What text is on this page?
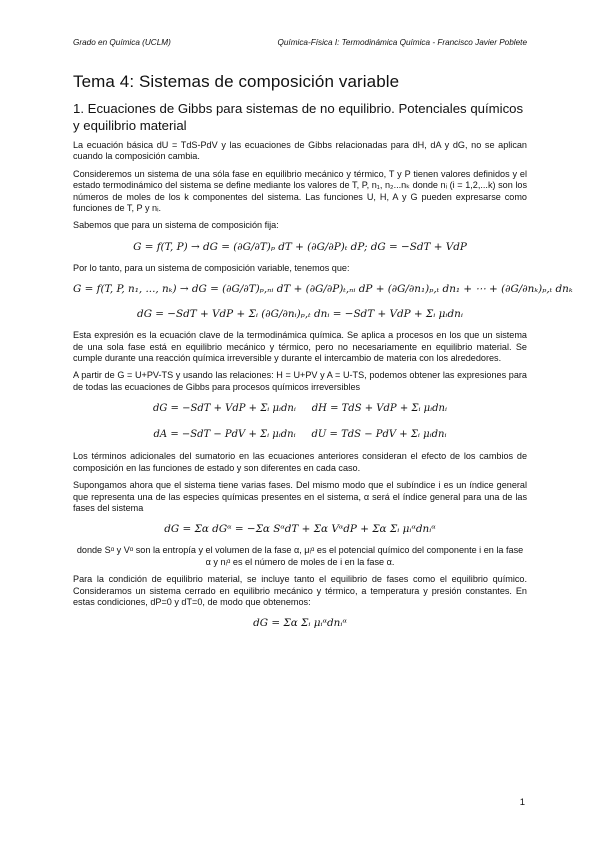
Grado en Química (UCLM)	Química-Física I: Termodinámica Química - Francisco Javier Poblete
Tema 4: Sistemas de composición variable
1. Ecuaciones de Gibbs para sistemas de no equilibrio. Potenciales químicos y equilibrio material

La ecuación básica dU = TdS-PdV y las ecuaciones de Gibbs relacionadas para dH, dA y dG, no se aplican cuando la composición cambia.

Consideremos un sistema de una sóla fase en equilibrio mecánico y térmico, T y P tienen valores definidos y el estado termodinámico del sistema se define mediante los valores de T, P, n₁, n₂...nₖ donde nᵢ (i = 1,2,...k) son los números de moles de los k componentes del sistema. Las funciones U, H, A y G pueden expresarse como funciones de T, P y nᵢ.

Sabemos que para un sistema de composición fija:

G = f(T, P) → dG = (∂G/∂T)ₚ dT + (∂G/∂P)ₜ dP; dG = −SdT + VdP

Por lo tanto, para un sistema de composición variable, tenemos que:

G = f(T, P, n₁, ..., nₖ) → dG = (∂G/∂T)ₚ,ₙᵢ dT + (∂G/∂P)ₜ,ₙᵢ dP + (∂G/∂n₁)ₚ,ₜ dn₁ + ⋯ + (∂G/∂nₖ)ₚ,ₜ dnₖ
dG = −SdT + VdP + Σᵢ (∂G/∂nᵢ)ₚ,ₜ dnᵢ = −SdT + VdP + Σᵢ μᵢdnᵢ

Esta expresión es la ecuación clave de la termodinámica química. Se aplica a procesos en los que un sistema de una sola fase está en equilibrio mecánico y térmico, pero no necesariamente en equilibrio material. Se cumple durante una reacción química irreversible y durante el intercambio de materia con los alrededores.

A partir de G = U+PV-TS y usando las relaciones: H = U+PV y A = U-TS, podemos obtener las expresiones para de todas las ecuaciones de Gibbs para procesos químicos irreversibles

dG = −SdT + VdP + Σᵢ μᵢdnᵢ dH = TdS + VdP + Σᵢ μᵢdnᵢ
dA = −SdT − PdV + Σᵢ μᵢdnᵢ dU = TdS − PdV + Σᵢ μᵢdnᵢ

Los términos adicionales del sumatorio en las ecuaciones anteriores consideran el efecto de los cambios de composición en las funciones de estado y son diferentes en cada caso.

Supongamos ahora que el sistema tiene varias fases. Del mismo modo que el subíndice i es un índice general que representa una de las especies químicas presentes en el sistema, α será el índice general para una de las fases del sistema

dG = Σα dGᵅ = −Σα SᵅdT + Σα VᵅdP + Σα Σᵢ μᵢᵅdnᵢᵅ
donde Sᵅ y Vᵅ son la entropía y el volumen de la fase α, μᵢᵅ es el potencial químico del componente i en la fase α y nᵢᵅ es el número de moles de i en la fase α.

Para la condición de equilibrio material, se incluye tanto el equilibrio de fases como el equilibrio químico. Consideramos un sistema cerrado en equilibrio mecánico y térmico, a temperatura y presión constantes. En estas condiciones, dP=0 y dT=0, de modo que obtenemos:

dG = Σα Σᵢ μᵢᵅdnᵢᵅ
1
